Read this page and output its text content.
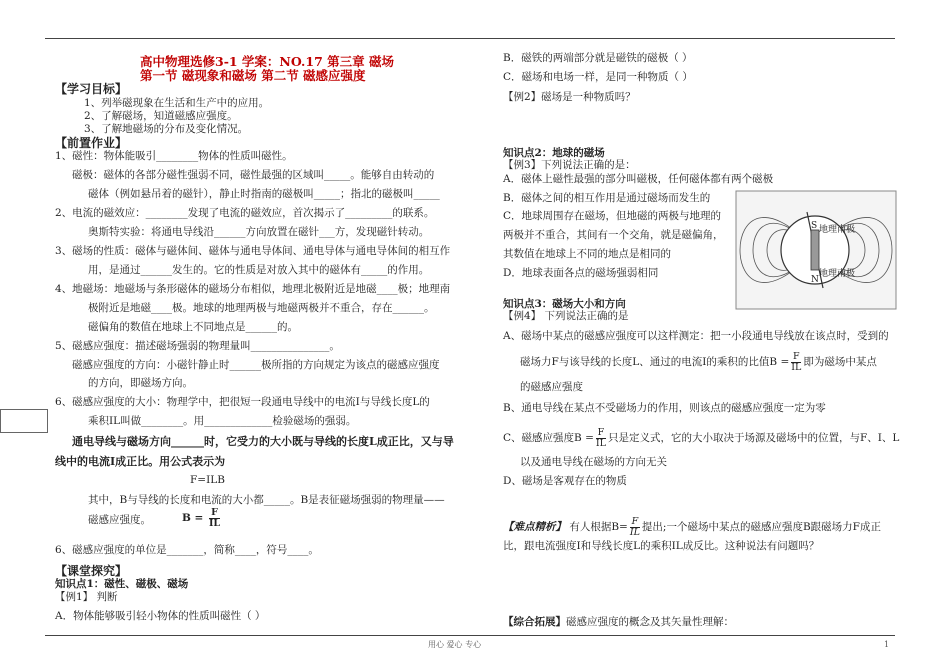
高中物理选修3-1 学案：NO.17 第三章 磁场
第一节 磁现象和磁场 第二节 磁感应强度
【学习目标】
1、列举磁现象在生活和生产中的应用。
2、了解磁场，知道磁感应强度。
3、了解地磁场的分布及变化情况。
【前置作业】
1、磁性：物体能吸引________物体的性质叫磁性。
磁极：磁体的各部分磁性强弱不同，磁性最强的区域叫_____。能够自由转动的
磁体（例如悬吊着的磁针），静止时指南的磁极叫_____；指北的磁极叫_____
2、电流的磁效应：________发现了电流的磁效应，首次揭示了_________的联系。
奥斯特实验：将通电导线沿______方向放置在磁针___方，发现磁针转动。
3、磁场的性质：磁体与磁体间、磁体与通电导体间、通电导体与通电导体间的相互作
用，是通过______发生的。它的性质是对放入其中的磁体有_____的作用。
4、地磁场：地磁场与条形磁体的磁场分布相似，地理北极附近是地磁____极；地理南
极附近是地磁____极。地球的地理两极与地磁两极并不重合，存在______。
磁偏角的数值在地球上不同地点是______的。
5、磁感应强度：描述磁场强弱的物理量叫_______________。
磁感应强度的方向：小磁针静止时______极所指的方向规定为该点的磁感应强度
的方向，即磁场方向。
6、磁感应强度的大小：物理学中，把很短一段通电导线中的电流I与导线长度L的
乘积IL叫做________。用_____________检验磁场的强弱。
通电导线与磁场方向______时，它受力的大小既与导线的长度L成正比，又与导
线中的电流I成正比。用公式表示为
F=ILB
其中，B与导线的长度和电流的大小都_____。B是表征磁场强弱的物理量——
磁感应强度。	$B = \frac{F}{IL}$
6、磁感应强度的单位是_______，简称____，符号____。
【课堂探究】
知识点1：磁性、磁极、磁场
【例1】 判断
A．物体能够吸引轻小物体的性质叫磁性（ ）
B．磁铁的两端部分就是磁铁的磁极（ ）
C．磁场和电场一样，是同一种物质（ ）
【例2】磁场是一种物质吗？
知识点2：地球的磁场
【例3】下列说法正确的是：
A．磁体上磁性最强的部分叫磁极，任何磁体都有两个磁极
B．磁体之间的相互作用是通过磁场而发生的
C．地球周围存在磁场，但地磁的两极与地理的
两极并不重合，其间有一个交角，就是磁偏角，
其数值在地球上不同的地点是相同的
D．地球表面各点的磁场强弱相同
S
N
地理南极
地理南极
知识点3：磁场大小和方向
【例4】 下列说法正确的是
A、磁场中某点的磁感应强度可以这样测定：把一小段通电导线放在该点时，受到的
磁场力F与该导线的长度L、通过的电流I的乘积的比值$B = \frac{F}{IL}$ 即为磁场中某点
的磁感应强度
B、通电导线在某点不受磁场力的作用，则该点的磁感应强度一定为零
C、磁感应强度$B = \frac{F}{IL}$ 只是定义式，它的大小取决于场源及磁场中的位置，与F、I、L
以及通电导线在磁场的方向无关
D、磁场是客观存在的物质
【难点精析】 有人根据$B= \frac{F}{IL}$ 提出;一个磁场中某点的磁感应强度B跟磁场力F成正
比，跟电流强度I和导线长度L的乘积IL成反比。这种说法有问题吗？
【综合拓展】磁感应强度的概念及其矢量性理解：
用心 爱心 专心	1
